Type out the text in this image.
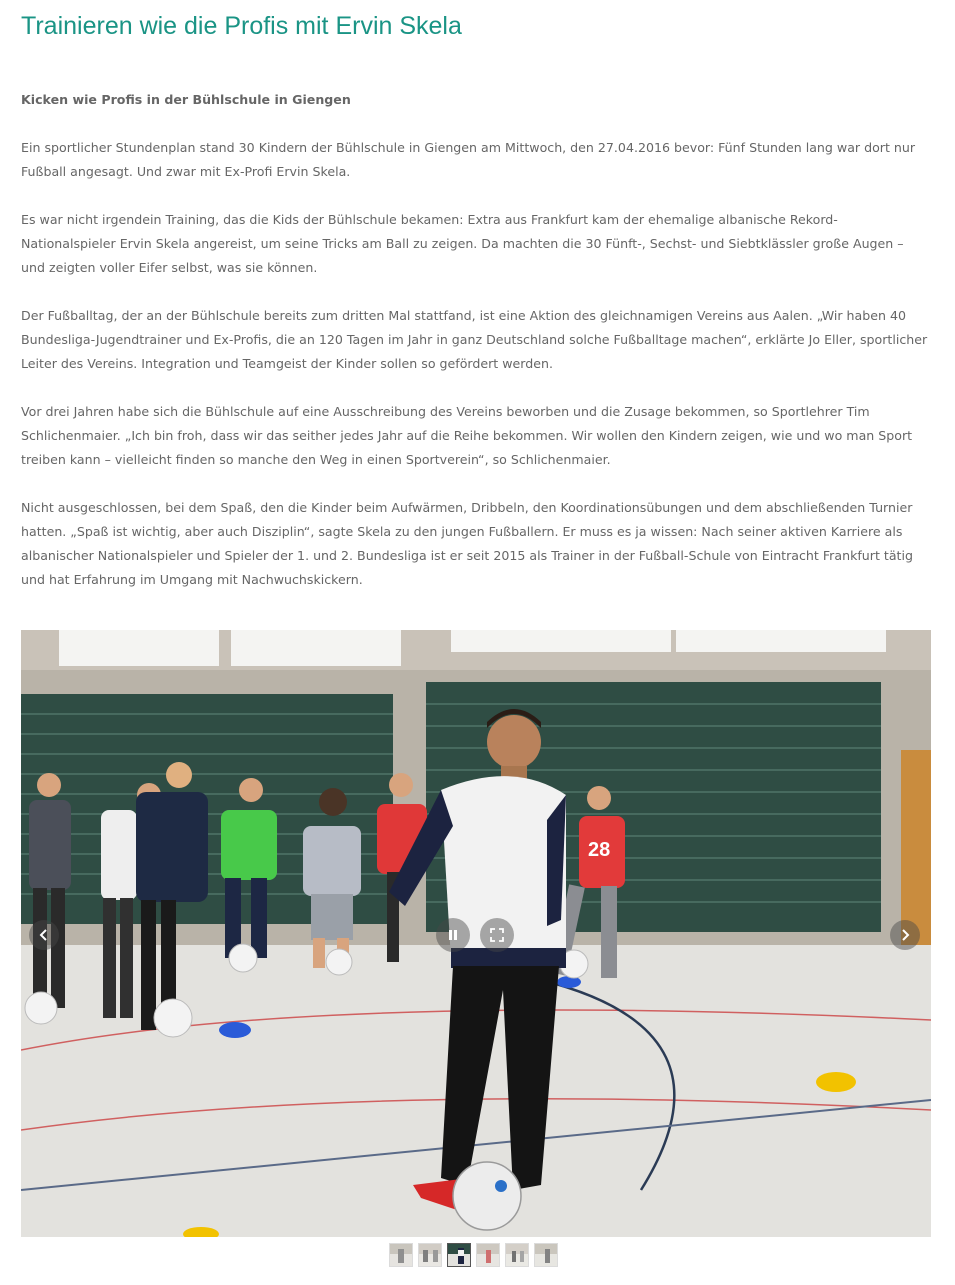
Trainieren wie die Profis mit Ervin Skela

Kicken wie Profis in der Bühlschule in Giengen

Ein sportlicher Stundenplan stand 30 Kindern der Bühlschule in Giengen am Mittwoch, den 27.04.2016 bevor: Fünf Stunden lang war dort nur Fußball angesagt. Und zwar mit Ex-Profi Ervin Skela.

Es war nicht irgendein Training, das die Kids der Bühlschule bekamen: Extra aus Frankfurt kam der ehemalige albanische Rekord-Nationalspieler Ervin Skela angereist, um seine Tricks am Ball zu zeigen. Da machten die 30 Fünft-, Sechst- und Siebtklässler große Augen – und zeigten voller Eifer selbst, was sie können.

Der Fußballtag, der an der Bühlschule bereits zum dritten Mal stattfand, ist eine Aktion des gleichnamigen Vereins aus Aalen. „Wir haben 40 Bundesliga-Jugendtrainer und Ex-Profis, die an 120 Tagen im Jahr in ganz Deutschland solche Fußballtage machen“, erklärte Jo Eller, sportlicher Leiter des Vereins. Integration und Teamgeist der Kinder sollen so gefördert werden.

Vor drei Jahren habe sich die Bühlschule auf eine Ausschreibung des Vereins beworben und die Zusage bekommen, so Sportlehrer Tim Schlichenmaier. „Ich bin froh, dass wir das seither jedes Jahr auf die Reihe bekommen. Wir wollen den Kindern zeigen, wie und wo man Sport treiben kann – vielleicht finden so manche den Weg in einen Sportverein“, so Schlichenmaier.

Nicht ausgeschlossen, bei dem Spaß, den die Kinder beim Aufwärmen, Dribbeln, den Koordinationsübungen und dem abschließenden Turnier hatten. „Spaß ist wichtig, aber auch Disziplin“, sagte Skela zu den jungen Fußballern. Er muss es ja wissen: Nach seiner aktiven Karriere als albanischer Nationalspieler und Spieler der 1. und 2. Bundesliga ist er seit 2015 als Trainer in der Fußball-Schule von Eintracht Frankfurt tätig und hat Erfahrung im Umgang mit Nachwuchskickern.

28
